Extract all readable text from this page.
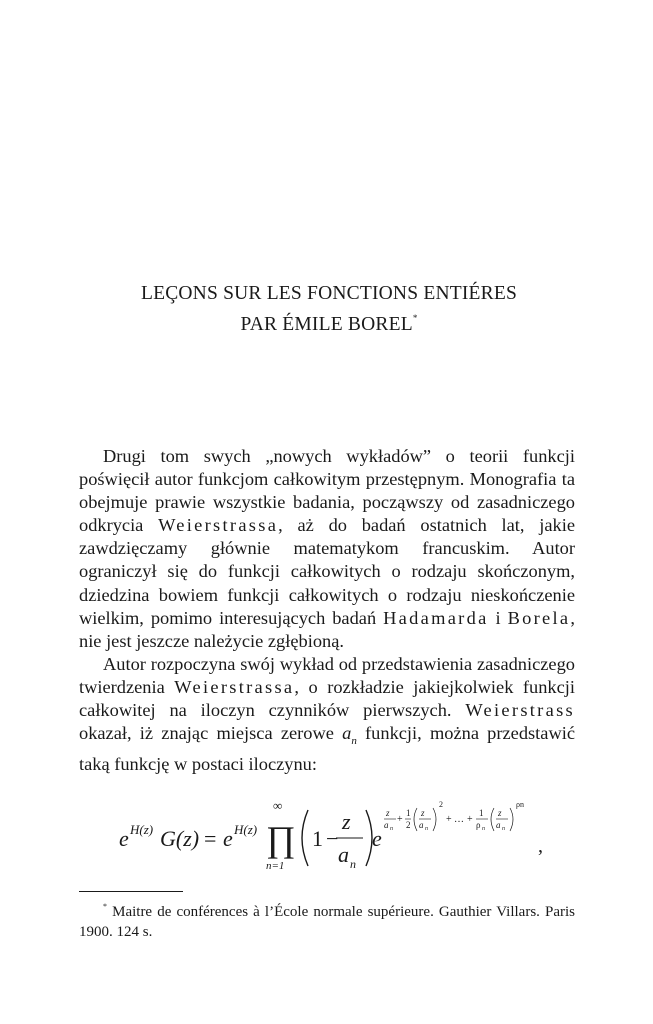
LEÇONS SUR LES FONCTIONS ENTIÉRES
PAR ÉMILE BOREL*

Drugi tom swych „nowych wykładów” o teorii funkcji poświęcił autor funkcjom całkowitym przestępnym. Monografia ta obejmuje prawie wszystkie badania, począwszy od zasadniczego odkrycia Weierstrassa, aż do badań ostatnich lat, jakie zawdzięczamy głównie matematykom francuskim. Autor ograniczył się do funkcji całkowitych o rodzaju skończonym, dziedzina bowiem funkcji całkowitych o rodzaju nieskończenie wielkim, pomimo interesujących badań Hadamarda i Borela, nie jest jeszcze należycie zgłębioną.

Autor rozpoczyna swój wykład od przedstawienia zasadniczego twierdzenia Weierstrassa, o rozkładzie jakiejkolwiek funkcji całkowitej na iloczyn czynników pierwszych. Weierstrass okazał, iż znając miejsca zerowe $a_n$ funkcji, można przedstawić taką funkcję w postaci iloczynu:

e H(z) G(z) = e H(z)
∞
∏
n=1
1 −
z
a n
e
z
a n
+
1
2
z
a n
2
+ … +
1
ρ n
z
a n
ρn
,
* Maitre de conférences à l’École normale supérieure. Gauthier Villars. Paris 1900. 124 s.
